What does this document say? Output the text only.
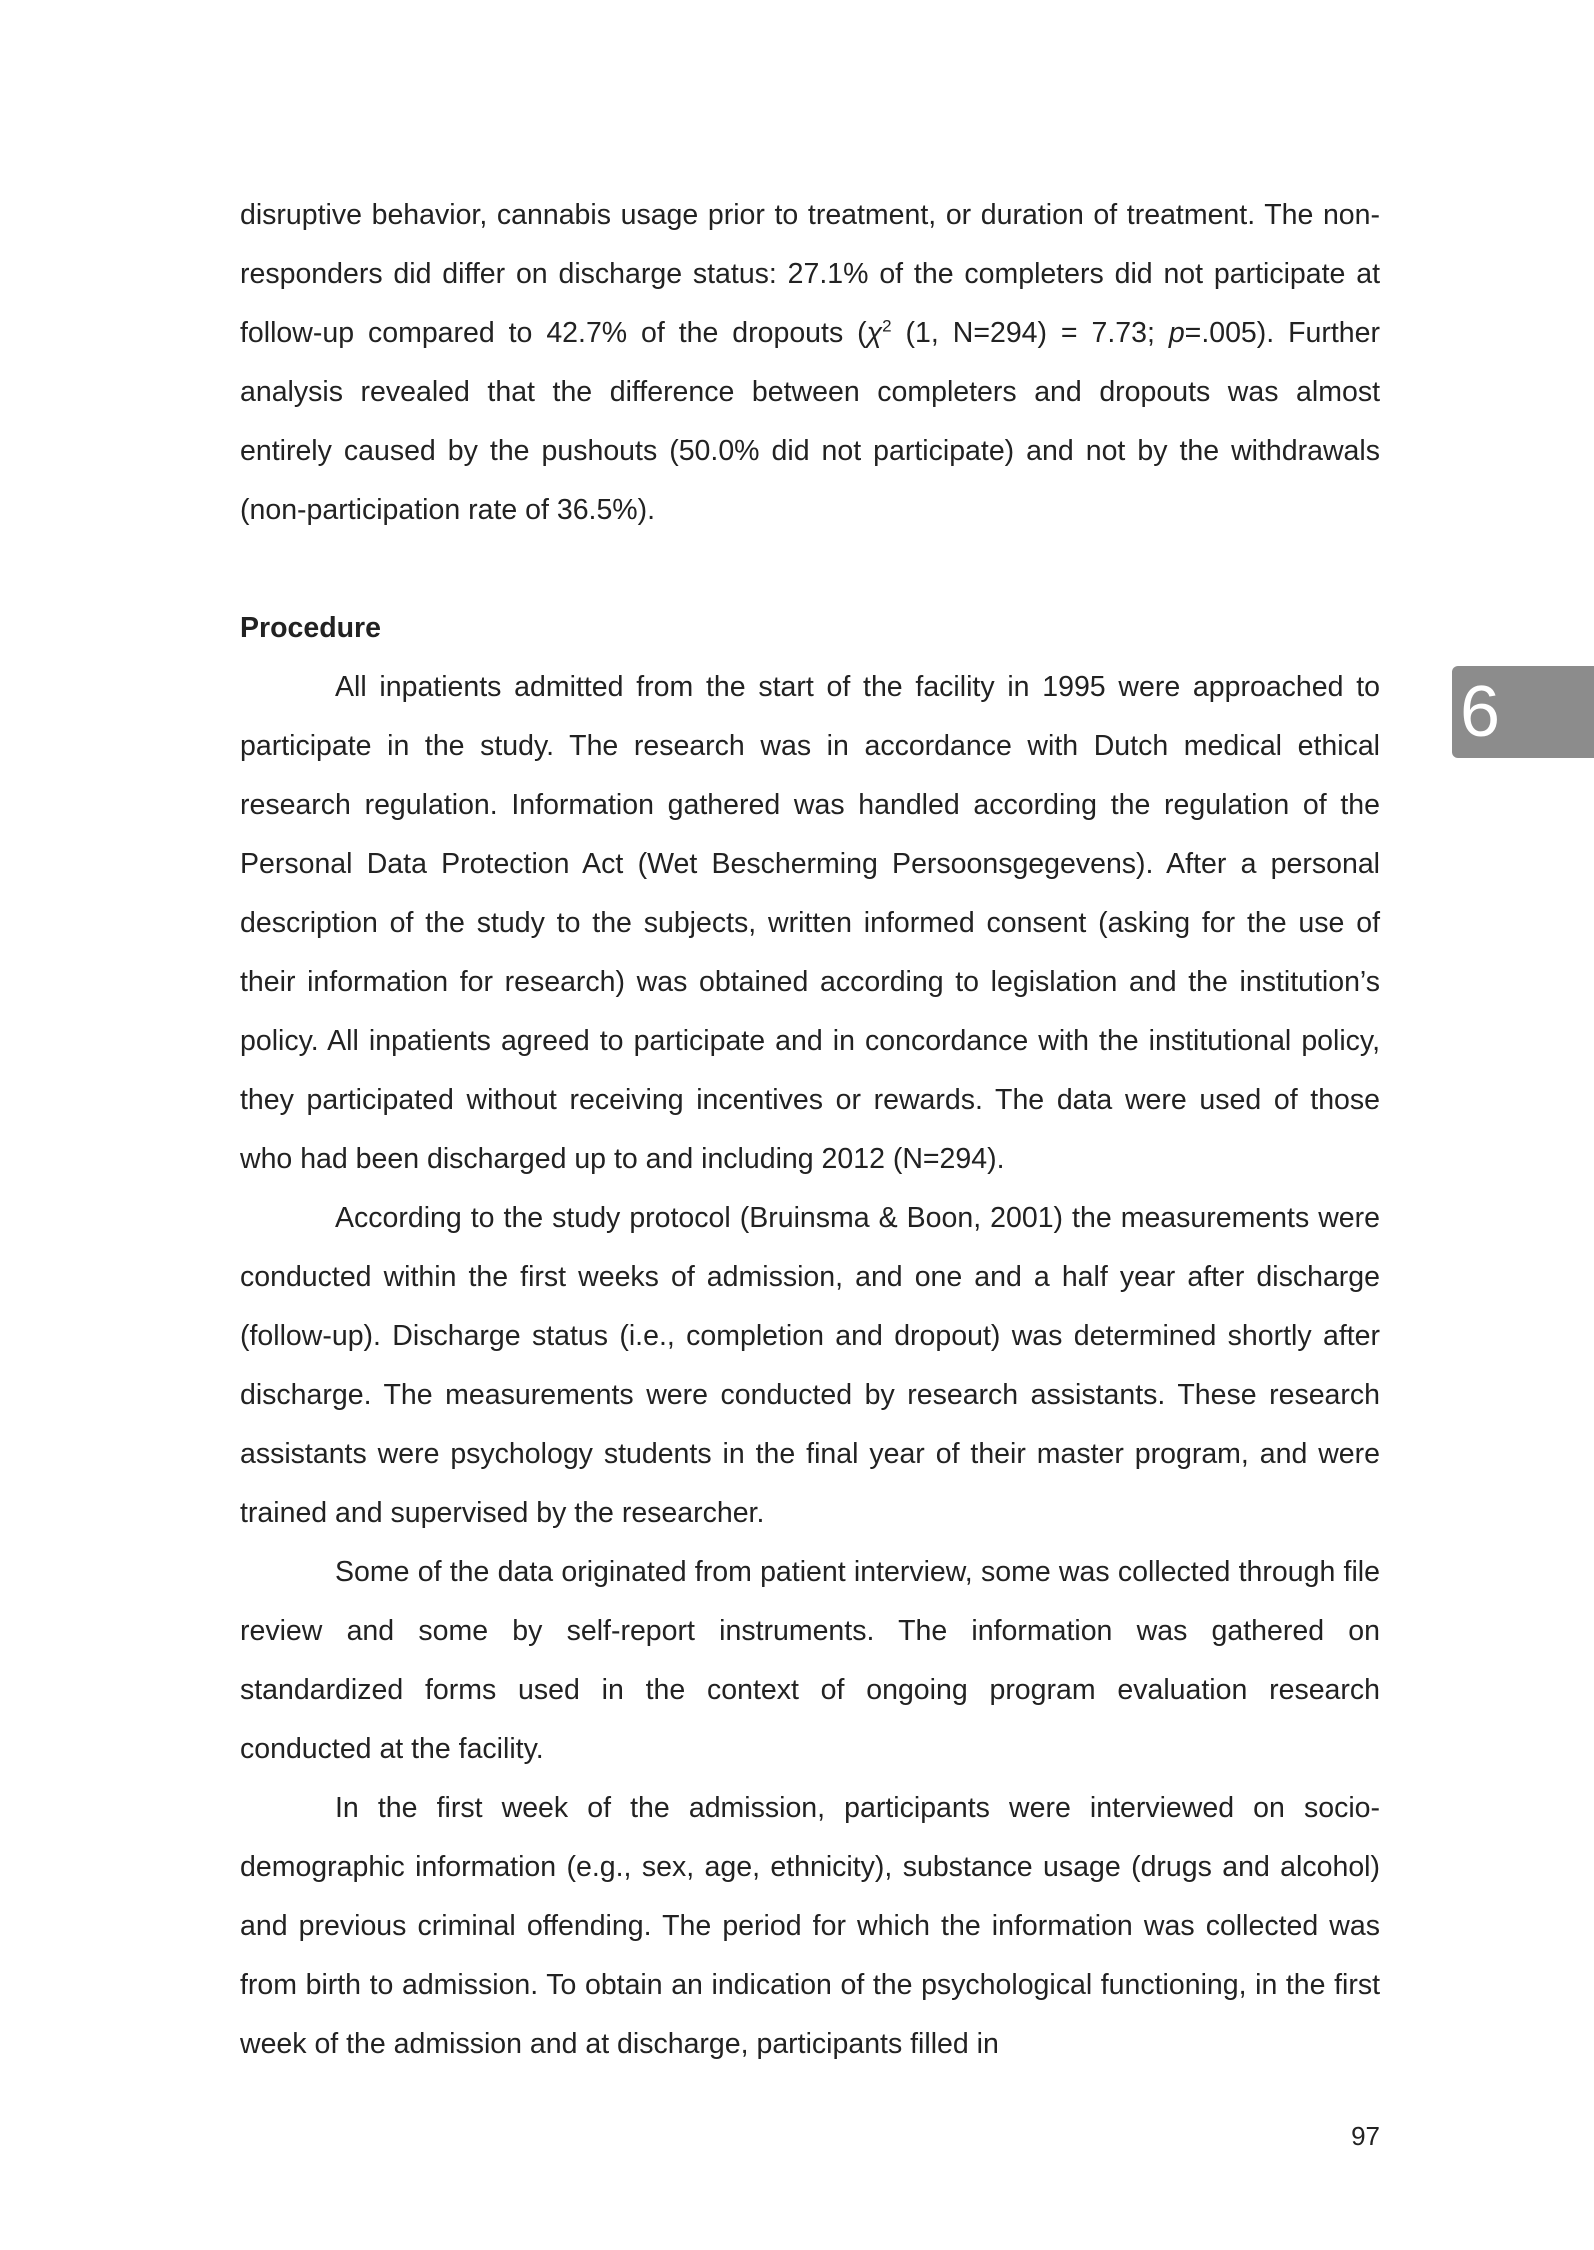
disruptive behavior, cannabis usage prior to treatment, or duration of treatment. The non-responders did differ on discharge status: 27.1% of the completers did not participate at follow-up compared to 42.7% of the dropouts ($\chi^2$ (1, N=294) = 7.73; p=.005). Further analysis revealed that the difference between completers and dropouts was almost entirely caused by the pushouts (50.0% did not participate) and not by the withdrawals (non-participation rate of 36.5%).

Procedure

All inpatients admitted from the start of the facility in 1995 were approached to participate in the study. The research was in accordance with Dutch medical ethical research regulation. Information gathered was handled according the regulation of the Personal Data Protection Act (Wet Bescherming Persoonsgegevens). After a personal description of the study to the subjects, written informed consent (asking for the use of their information for research) was obtained according to legislation and the institution’s policy. All inpatients agreed to participate and in concordance with the institutional policy, they participated without receiving incentives or rewards. The data were used of those who had been discharged up to and including 2012 (N=294).

According to the study protocol (Bruinsma & Boon, 2001) the measurements were conducted within the first weeks of admission, and one and a half year after discharge (follow-up). Discharge status (i.e., completion and dropout) was determined shortly after discharge. The measurements were conducted by research assistants. These research assistants were psychology students in the final year of their master program, and were trained and supervised by the researcher.

Some of the data originated from patient interview, some was collected through file review and some by self-report instruments. The information was gathered on standardized forms used in the context of ongoing program evaluation research conducted at the facility.

In the first week of the admission, participants were interviewed on socio-demographic information (e.g., sex, age, ethnicity), substance usage (drugs and alcohol) and previous criminal offending. The period for which the information was collected was from birth to admission. To obtain an indication of the psychological functioning, in the first week of the admission and at discharge, participants filled in

6
97
